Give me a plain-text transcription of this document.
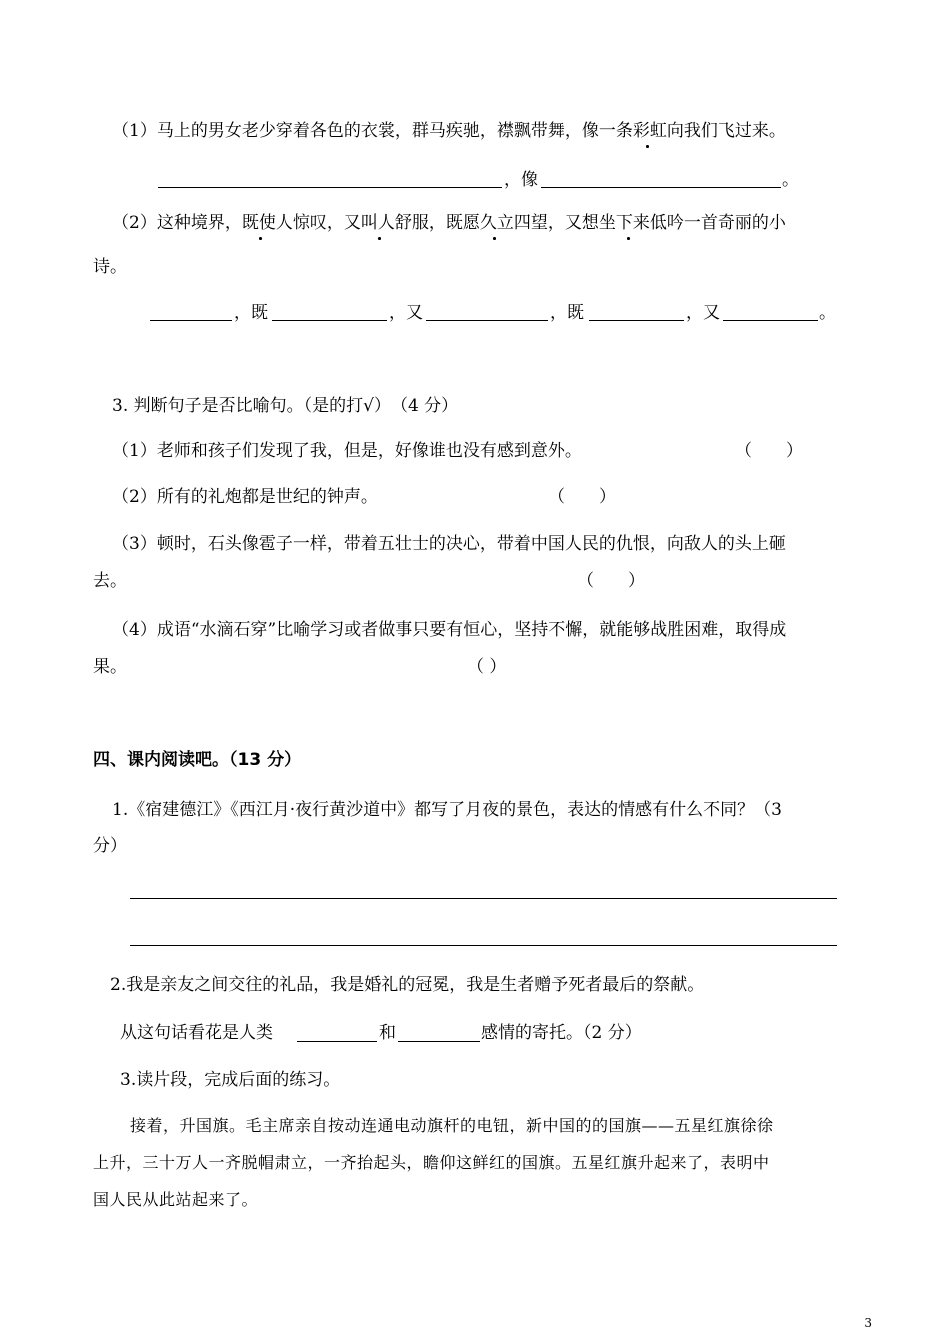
（1）马上的男女老少穿着各色的衣裳，群马疾驰，襟飘带舞，像一条彩虹向我们飞过来。
，像	。
（2）这种境界，既使人惊叹，又叫人舒服，既愿久立四望，又想坐下来低吟一首奇丽的小
诗。
，既	，又	，既	，又	。
3. 判断句子是否比喻句。（是的打√）　（4 分）
（1）老师和孩子们发现了我，但是，好像谁也没有感到意外。	（　　）
（2）所有的礼炮都是世纪的钟声。	（　　）
（3）顿时，石头像雹子一样，带着五壮士的决心，带着中国人民的仇恨，向敌人的头上砸
去。	（　　）
（4）成语“水滴石穿”比喻学习或者做事只要有恒心，坚持不懈，就能够战胜困难，取得成
果。	（ ）
四、课内阅读吧。（13 分）
1.《宿建德江》《西江月·夜行黄沙道中》都写了月夜的景色，表达的情感有什么不同？（3
分）
2.我是亲友之间交往的礼品，我是婚礼的冠冕，我是生者赠予死者最后的祭献。
从这句话看花是人类	和	感情的寄托。（2 分）
3.读片段，完成后面的练习。
接着，升国旗。毛主席亲自按动连通电动旗杆的电钮，新中国的的国旗——五星红旗徐徐
上升，三十万人一齐脱帽肃立，一齐抬起头，瞻仰这鲜红的国旗。五星红旗升起来了，表明中
国人民从此站起来了。
3
